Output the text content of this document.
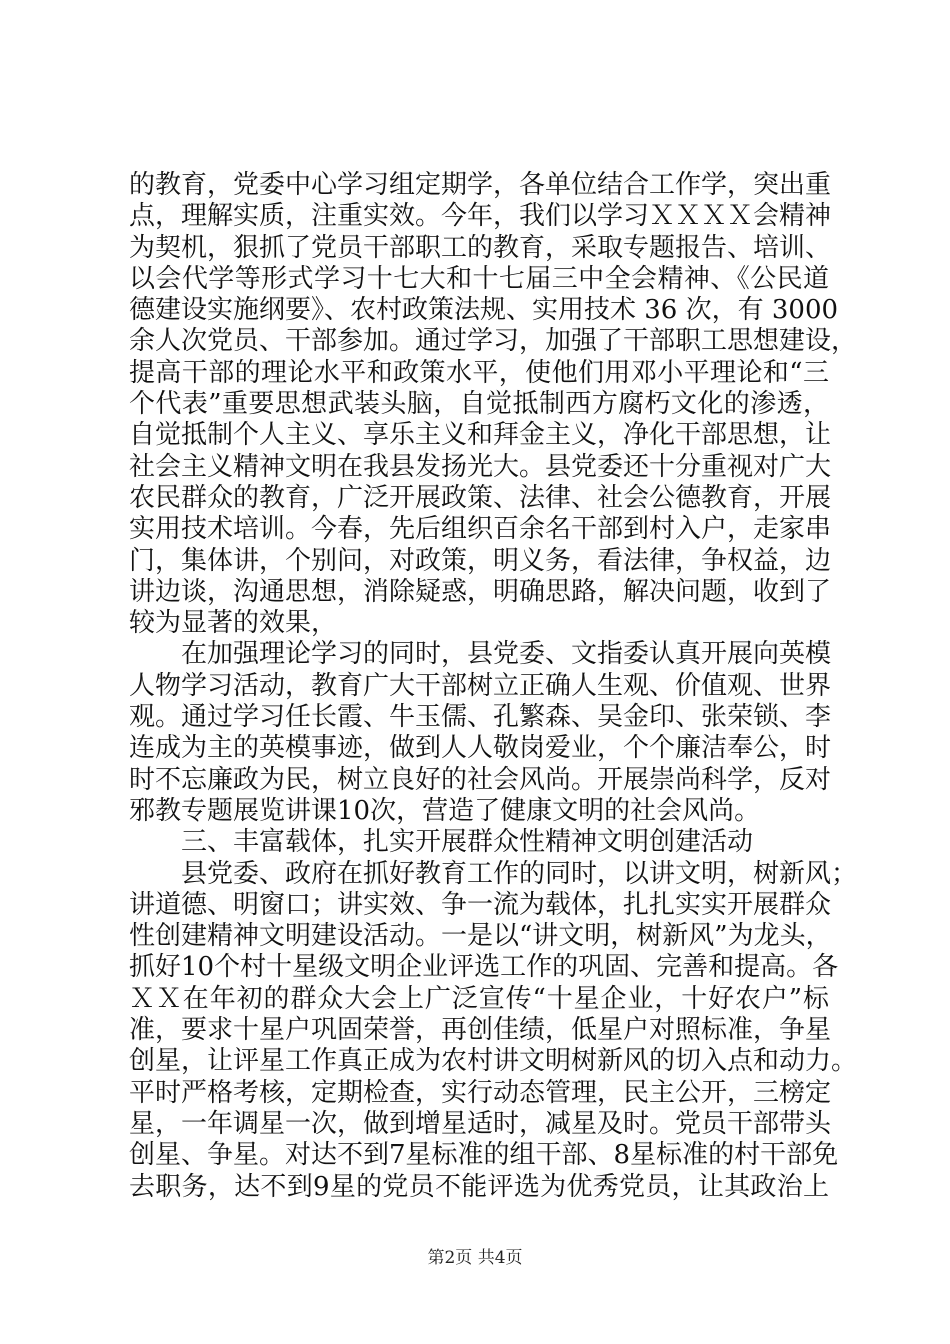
的教育，党委中心学习组定期学，各单位结合工作学，突出重
点，理解实质，注重实效。今年，我们以学习ＸＸＸＸ会精神
为契机，狠抓了党员干部职工的教育，采取专题报告、培训、
以会代学等形式学习十七大和十七届三中全会精神、《公民道
德建设实施纲要》、农村政策法规、实用技术 36 次，有 3000
余人次党员、干部参加。通过学习，加强了干部职工思想建设，
提高干部的理论水平和政策水平，使他们用邓小平理论和“三
个代表”重要思想武装头脑，自觉抵制西方腐朽文化的渗透，
自觉抵制个人主义、享乐主义和拜金主义，净化干部思想，让
社会主义精神文明在我县发扬光大。县党委还十分重视对广大
农民群众的教育，广泛开展政策、法律、社会公德教育，开展
实用技术培训。今春，先后组织百余名干部到村入户，走家串
门，集体讲，个别问，对政策，明义务，看法律，争权益，边
讲边谈，沟通思想，消除疑惑，明确思路，解决问题，收到了
较为显著的效果，
在加强理论学习的同时，县党委、文指委认真开展向英模
人物学习活动，教育广大干部树立正确人生观、价值观、世界
观。通过学习任长霞、牛玉儒、孔繁森、吴金印、张荣锁、李
连成为主的英模事迹，做到人人敬岗爱业，个个廉洁奉公，时
时不忘廉政为民，树立良好的社会风尚。开展崇尚科学，反对
邪教专题展览讲课10次，营造了健康文明的社会风尚。
三、丰富载体，扎实开展群众性精神文明创建活动
县党委、政府在抓好教育工作的同时，以讲文明，树新风；
讲道德、明窗口；讲实效、争一流为载体，扎扎实实开展群众
性创建精神文明建设活动。一是以“讲文明，树新风”为龙头，
抓好10个村十星级文明企业评选工作的巩固、完善和提高。各
ＸＸ在年初的群众大会上广泛宣传“十星企业，十好农户”标
准，要求十星户巩固荣誉，再创佳绩，低星户对照标准，争星
创星，让评星工作真正成为农村讲文明树新风的切入点和动力。
平时严格考核，定期检查，实行动态管理，民主公开，三榜定
星，一年调星一次，做到增星适时，减星及时。党员干部带头
创星、争星。对达不到7星标准的组干部、8星标准的村干部免
去职务，达不到9星的党员不能评选为优秀党员，让其政治上
第2页 共4页
